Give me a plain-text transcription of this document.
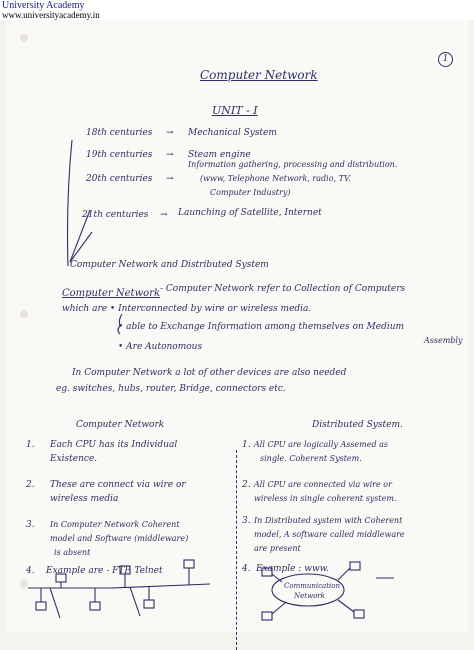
University Academy
www.universityacademy.in
1
Computer Network
UNIT - I
18th centuries → Mechanical System
19th centuries → Steam engine
20th centuries →
Information gathering, processing and distribution.
(www, Telephone Network, radio, TV.
Computer Industry)
21th centuries → Launching of Satellite, Internet
Computer Network and Distributed System
Computer Network - Computer Network refer to Collection of Computers
which are • Interconnected by wire or wireless media.
• able to Exchange Information among themselves on Medium
Assembly
• Are Autonomous
In Computer Network a lot of other devices are also needed
eg. switches, hubs, router, Bridge, connectors etc.
Computer Network	Distributed System.
1. Each CPU has its Individual
Existence.
2. These are connect via wire or
wireless media
3. In Computer Network Coherent
model and Software (middleware)
is absent
4. Example are - FTP, Telnet
1. All CPU are logically Assemed as
single. Coherent System.
2. All CPU are connected via wire or
wireless in single coherent system.
3. In Distributed system with Coherent
model, A software called middleware
are present
4. Example : www.
Communication
Network
